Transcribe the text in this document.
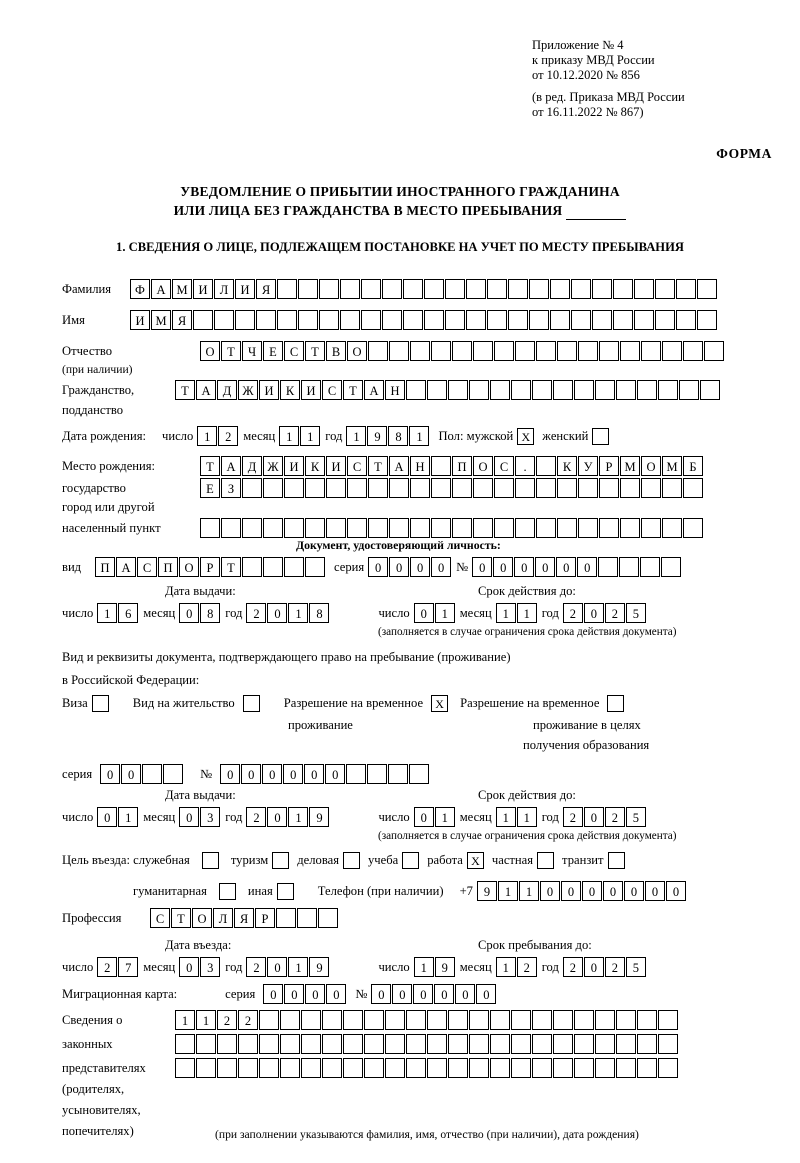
Приложение № 4
к приказу МВД России
от 10.12.2020 № 856
(в ред. Приказа МВД России
от 16.11.2022 № 867)
ФОРМА
УВЕДОМЛЕНИЕ О ПРИБЫТИИ ИНОСТРАННОГО ГРАЖДАНИНА
ИЛИ ЛИЦА БЕЗ ГРАЖДАНСТВА В МЕСТО ПРЕБЫВАНИЯ
1. СВЕДЕНИЯ О ЛИЦЕ, ПОДЛЕЖАЩЕМ ПОСТАНОВКЕ НА УЧЕТ ПО МЕСТУ ПРЕБЫВАНИЯ
Фамилия	Ф А М И Л И Я
Имя	И М Я
Отчество	О	Т	Ч	Е	С	Т	В О
(при наличии)
Гражданство,	Т	А Д Ж И К И С	Т	А Н
подданство
Дата рождения: число 1	2 месяц 1	1 год 1	9	8	1	Пол: мужской X женский
Место рождения:	Т	А Д Ж И К И С	Т	А Н	П О С	.
	К У	Р М О М Б
государство	Е	З
город или другой
населенный пункт
Документ, удостоверяющий личность:
вид	П А С П О	Р	Т	серия 0	0	0	0 № 0	0	0	0	0	0
Дата выдачи:	Срок действия до:
число 1	6 месяц 0	8 год 2	0	1	8	число 0	1 месяц 1	1 год 2	0	2	5
(заполняется в случае ограничения срока действия документа)
Вид и реквизиты документа, подтверждающего право на пребывание (проживание)
в Российской Федерации:
Виза	Вид на жительство	Разрешение на временное	X	Разрешение на временное
проживание	проживание в целях
получения образования
серия	0	0	№	0	0	0	0	0	0
Дата выдачи:	Срок действия до:
число 0	1 месяц 0	3 год 2	0	1	9	число 0	1 месяц 1	1 год 2	0	2	5
(заполняется в случае ограничения срока действия документа)
Цель въезда: служебная	туризм деловая учеба работа X частная транзит
гуманитарная	иная	Телефон (при наличии) +7 9	1	1	0	0	0	0	0	0	0
Профессия	С	Т	О Л	Я	Р
Дата въезда:	Срок пребывания до:
число 2	7 месяц 0	3 год 2	0	1	9	число 1	9 месяц 1	2 год 2	0	2	5
Миграционная карта:	серия	0	0	0	0	№ 0	0	0	0	0	0
Сведения о	1	1	2	2
законных
представителях
(родителях,
усыновителях,
попечителях)	(при заполнении указываются фамилия, имя, отчество (при наличии), дата рождения)
